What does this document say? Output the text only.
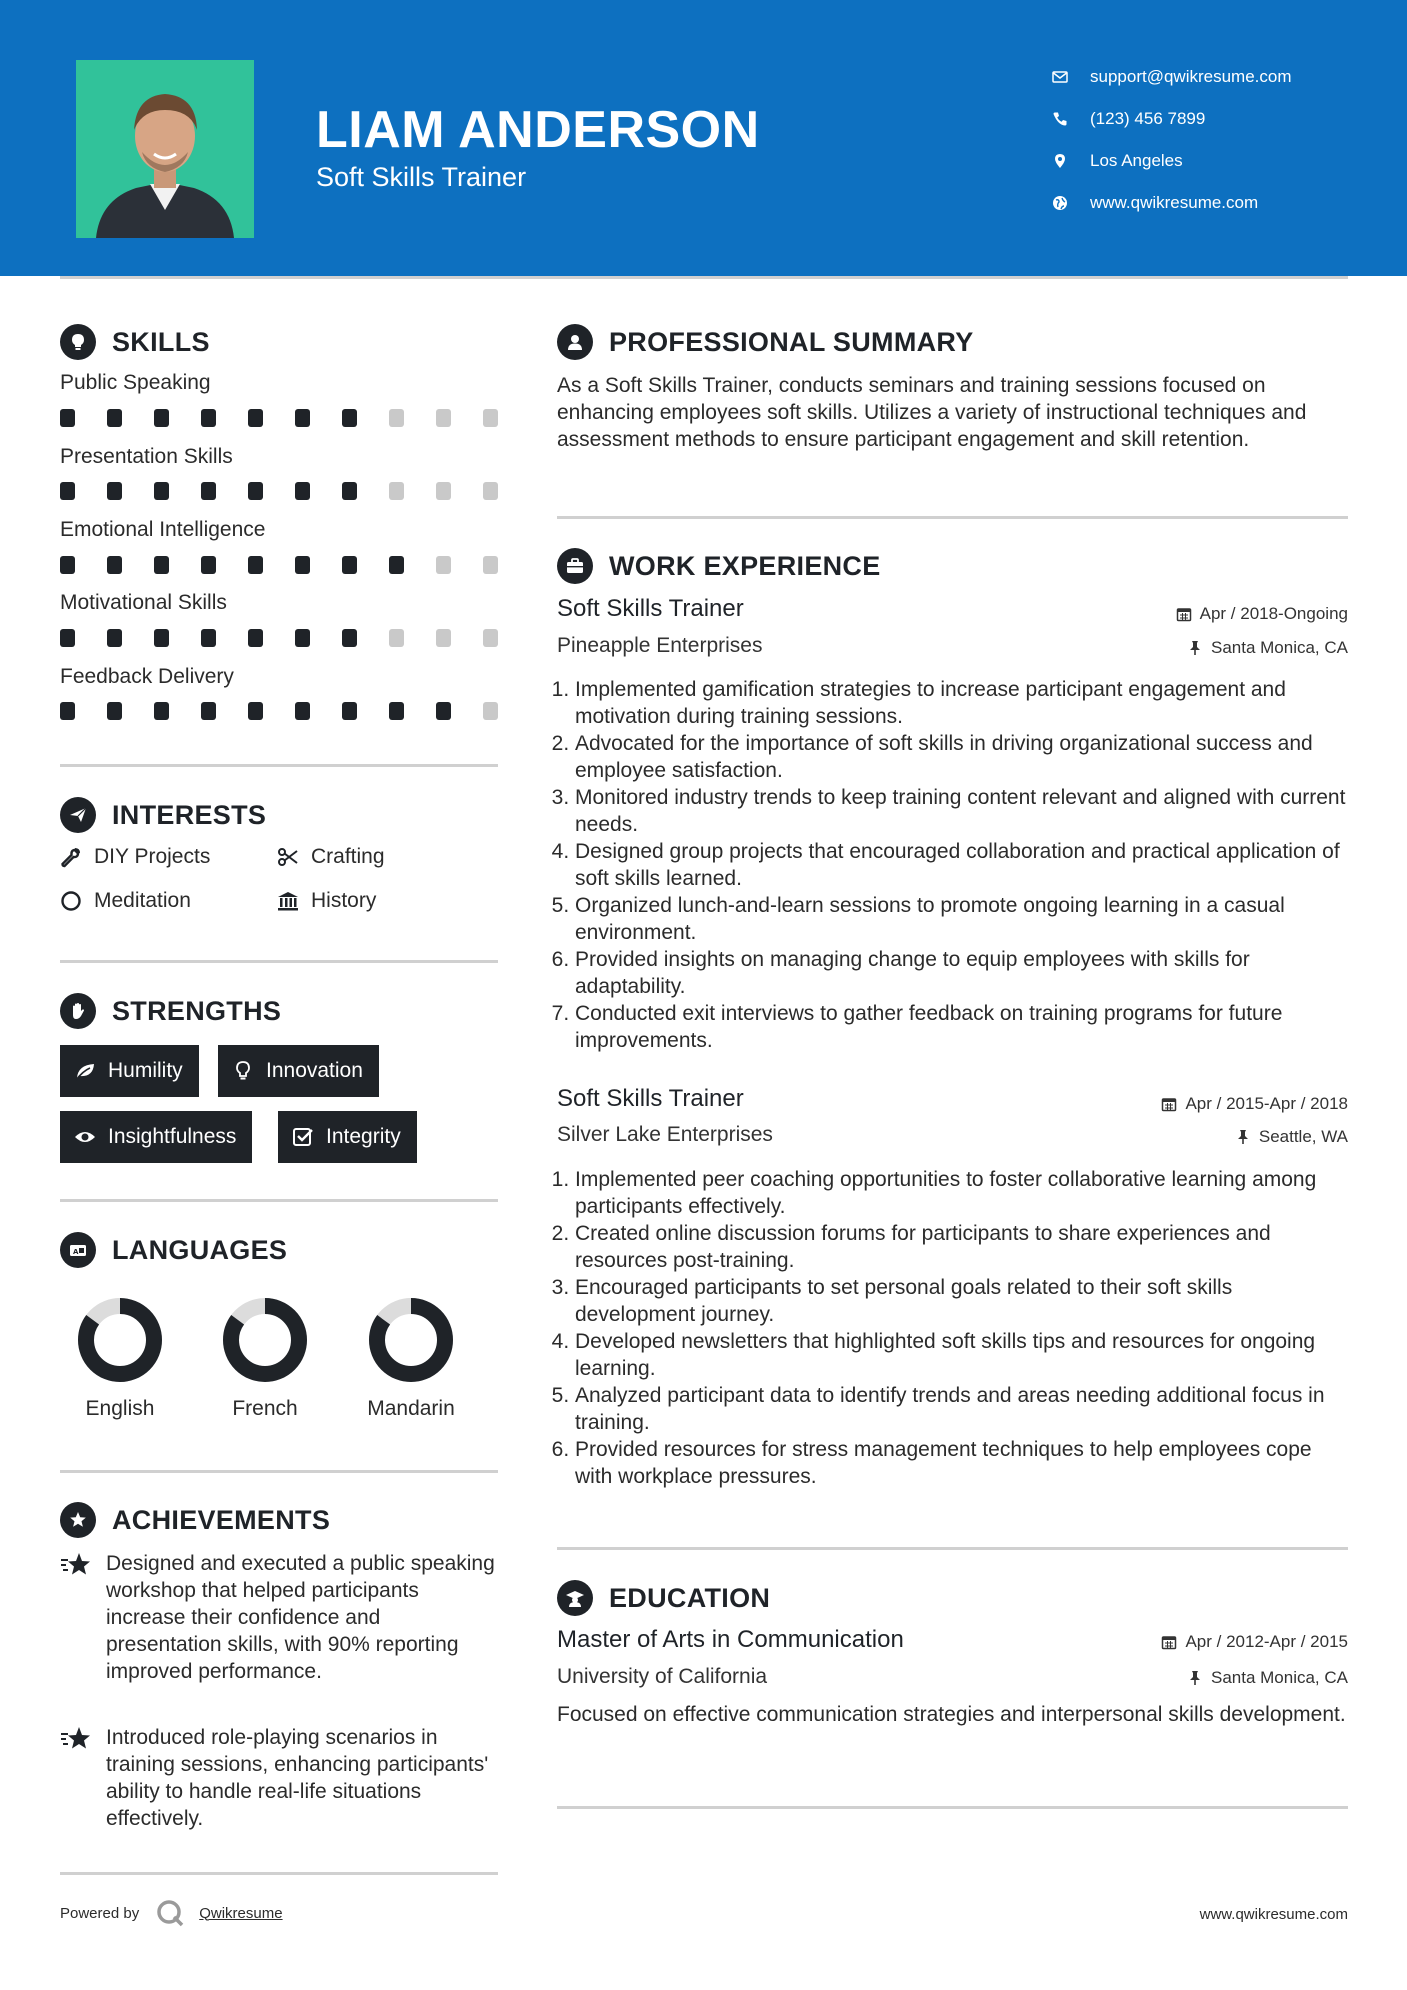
LIAM ANDERSON
Soft Skills Trainer
support@qwikresume.com
(123) 456 7899
Los Angeles
www.qwikresume.com
SKILLS
Public Speaking
Presentation Skills
Emotional Intelligence
Motivational Skills
Feedback Delivery
INTERESTS
DIY Projects	Crafting
Meditation	History
STRENGTHS
Humility	Innovation
Insightfulness	Integrity
A LANGUAGES
English	French	Mandarin
ACHIEVEMENTS
Designed and executed a public speaking workshop that helped participants increase their confidence and presentation skills, with 90% reporting improved performance.
Introduced role-playing scenarios in training sessions, enhancing participants' ability to handle real-life situations effectively.
PROFESSIONAL SUMMARY
As a Soft Skills Trainer, conducts seminars and training sessions focused on enhancing employees soft skills. Utilizes a variety of instructional techniques and assessment methods to ensure participant engagement and skill retention.
WORK EXPERIENCE
Soft Skills Trainer	Apr / 2018-Ongoing
Pineapple Enterprises	Santa Monica, CA
1. Implemented gamification strategies to increase participant engagement and motivation during training sessions.
2. Advocated for the importance of soft skills in driving organizational success and employee satisfaction.
3. Monitored industry trends to keep training content relevant and aligned with current needs.
4. Designed group projects that encouraged collaboration and practical application of soft skills learned.
5. Organized lunch-and-learn sessions to promote ongoing learning in a casual environment.
6. Provided insights on managing change to equip employees with skills for adaptability.
7. Conducted exit interviews to gather feedback on training programs for future improvements.
Soft Skills Trainer	Apr / 2015-Apr / 2018
Silver Lake Enterprises	Seattle, WA
1. Implemented peer coaching opportunities to foster collaborative learning among participants effectively.
2. Created online discussion forums for participants to share experiences and resources post-training.
3. Encouraged participants to set personal goals related to their soft skills development journey.
4. Developed newsletters that highlighted soft skills tips and resources for ongoing learning.
5. Analyzed participant data to identify trends and areas needing additional focus in training.
6. Provided resources for stress management techniques to help employees cope with workplace pressures.
EDUCATION
Master of Arts in Communication	Apr / 2012-Apr / 2015
University of California	Santa Monica, CA
Focused on effective communication strategies and interpersonal skills development.
Powered by	Qwikresume	www.qwikresume.com
